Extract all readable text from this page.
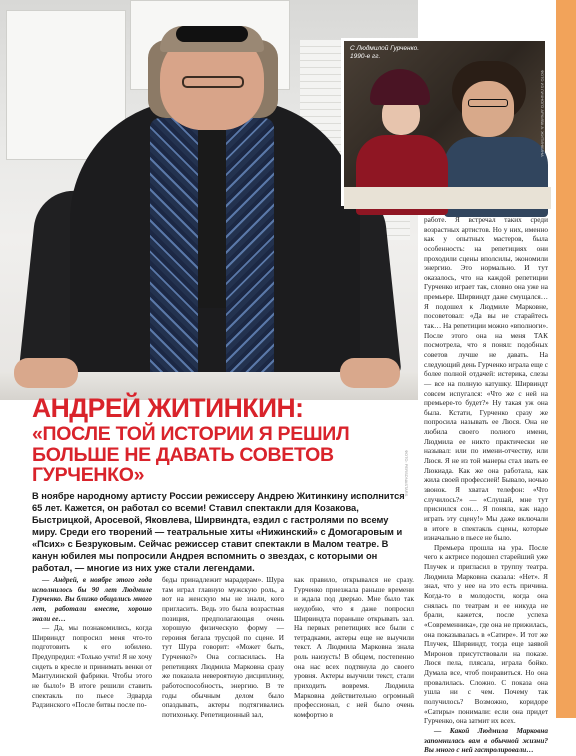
С Людмилой Гурченко.
1990-е гг.
ФОТО ИЗ ЛИЧНОГО АРХИВА А. ЖИТИНКИНА
АНДРЕЙ ЖИТИНКИН:
«ПОСЛЕ ТОЙ ИСТОРИИ Я РЕШИЛ БОЛЬШЕ НЕ ДАВАТЬ СОВЕТОВ ГУРЧЕНКО»	ФОТО: PERSONASTARS
В ноябре народному артисту России режиссеру Андрею Житинкину исполнится 65 лет. Кажется, он работал со всеми! Ставил спектакли для Козакова, Быстрицкой, Аросевой, Яковлева, Ширвиндта, ездил с гастролями по всему миру. Среди его творений — театральные хиты «Нижинский» с Домогаровым и «Псих» с Безруковым. Сейчас режиссер ставит спектакли в Малом театре. В канун юбилея мы попросили Андрея вспомнить о звездах, с которыми он работал, — многие из них уже стали легендами.

— Андрей, в ноябре этого года исполнилось бы 90 лет Людмиле Гурченко. Вы близко общались много лет, работали вместе, хорошо знали ее…

— Да, мы познакомились, когда Ширвиндт попросил меня что-то подготовить к его юбилею. Предупредил: «Только учти! Я не хочу сидеть в кресле и принимать венки от Мантулинской фабрики. Чтобы этого не было!» В итоге решили ставить спектакль по пьесе Эдварда Радзинского «После битвы после по-

беды принадлежит марадерам». Шура там играл главную мужскую роль, а вот на женскую мы не знали, кого пригласить. Ведь это была возрастная позиция, предполагающая очень хорошую физическую форму — героиня бегала трусцой по сцене. И тут Шура говорит: «Может быть, Гурченко?» Она согласилась. На репетициях Людмила Марковна сразу же показала невероятную дисциплину, работоспособность, энергию. В те годы обычным делом было опаздывать, актеры подтягивались потихоньку. Репетиционный зал,

как правило, открывался не сразу. Гурченко приезжала раньше времени и ждала под дверью. Мне было так неудобно, что я даже попросил Ширвиндта пораньше открывать зал. На первых репетициях все были с тетрадками, актеры еще не выучили текст. А Людмила Марковна знала роль наизусть! В общем, постепенно она нас всех подтянула до своего уровня. Актеры выучили текст, стали приходить вовремя. Людмила Марковна действительно огромный профессионал, с ней было очень комфортно в

работе. Я встречал таких среди возрастных артистов. Но у них, именно как у опытных мастеров, была особенность: на репетициях они проходили сцены вполсилы, экономили энергию. Это нормально. И тут оказалось, что на каждой репетиции Гурченко играет так, словно она уже на премьере. Ширвиндт даже смущался… Я подошел к Людмиле Марковне, посоветовал: «Да вы не старайтесь так… На репетиции можно «вполноги». После этого она на меня ТАК посмотрела, что я понял: подобных советов лучше не давать. На следующий день Гурченко играла еще с более полной отдачей: истерика, слезы — все на полную катушку. Ширвиндт совсем испугался: «Что же с ней на премьере-то будет?» Ну такая уж она была. Кстати, Гурченко сразу же попросила называть ее Люся. Она не любила своего полного имени, Людмила ее никто практически не называл: или по имени-отчеству, или Люся. Я не из той манеры стал звать ее Люкиада. Как же она работала, как жила своей профессией! Бывало, ночью звонок. Я хватал телефон: «Что случилось?» — «Слушай, мне тут приснился сон… Я поняла, как надо играть эту сцену!» Мы даже включали в итоге в спектакль сцены, которые изначально в пьесе не было.

Премьера прошла на ура. После чего к актрисе подошел старейший уже Плучек и пригласил в труппу театра. Людмила Марковна сказала: «Нет». Я знал, что у нее на это есть причина. Когда-то в молодости, когда она снялась по театрам и ее никуда не брали, кажется, после успеха «Современника», где она не прижилась, она показывалась в «Сатире». И тот же Плучек, Ширвиндт, тогда еще заявой Миронов присутствовали на показе. Люся пела, плясала, играла бойко. Думала все, чтоб понравиться. Но она провалилась. Сложно. С показа она ушла ни с чем. Почему так получилось? Возможно, коридоре «Сатиры» понимали: если она придет Гурченко, она затмит их всех.

— Какой Людмила Марковна запомнилась вам в обычной жизни? Вы много с ней гастролировали…
